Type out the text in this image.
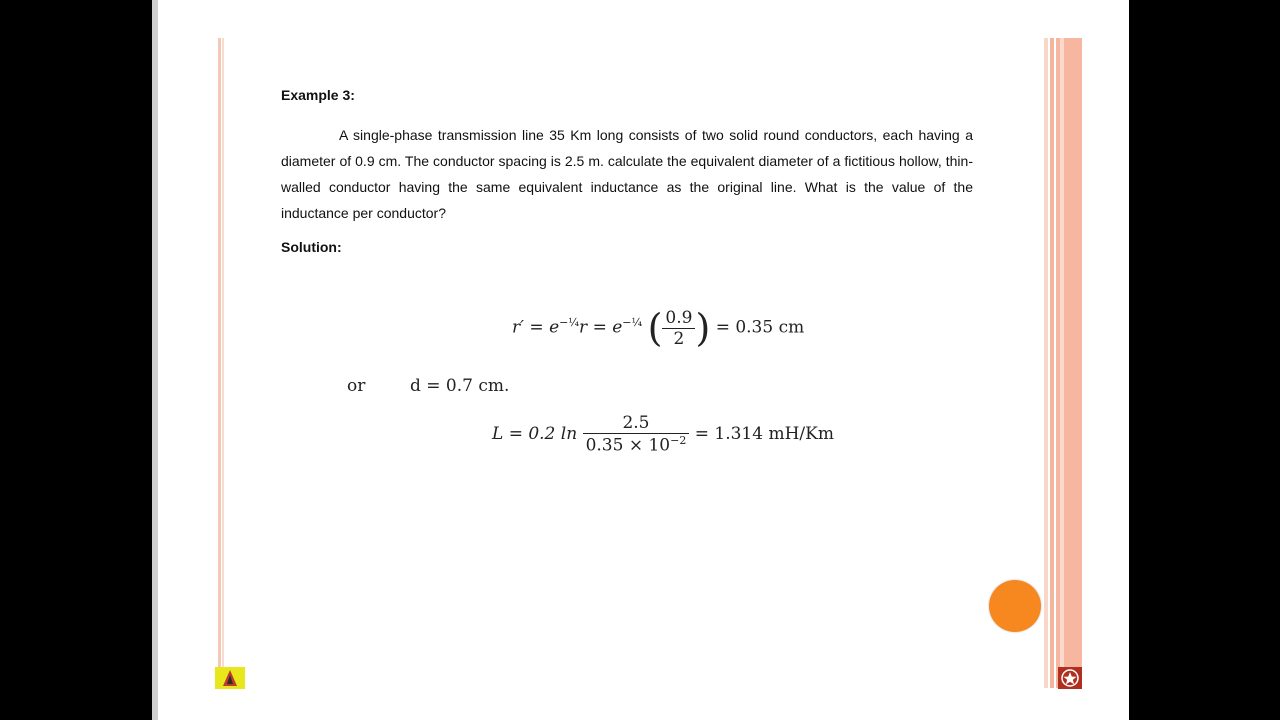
Example 3:
A single-phase transmission line 35 Km long consists of two solid round conductors, each having a diameter of 0.9 cm. The conductor spacing is 2.5 m. calculate the equivalent diameter of a fictitious hollow, thin-walled conductor having the same equivalent inductance as the original line. What is the value of the inductance per conductor?
Solution:
$r' = e^{-\frac{1}{4}}r = e^{-\frac{1}{4}}$ ( $\frac{0.9}{2}$ ) = 0.35 cm
or	d = 0.7 cm.
L = 0.2 $\ln \frac{2.5}{0.35 \times 10^{-2}} = 1.314$ mH/Km
